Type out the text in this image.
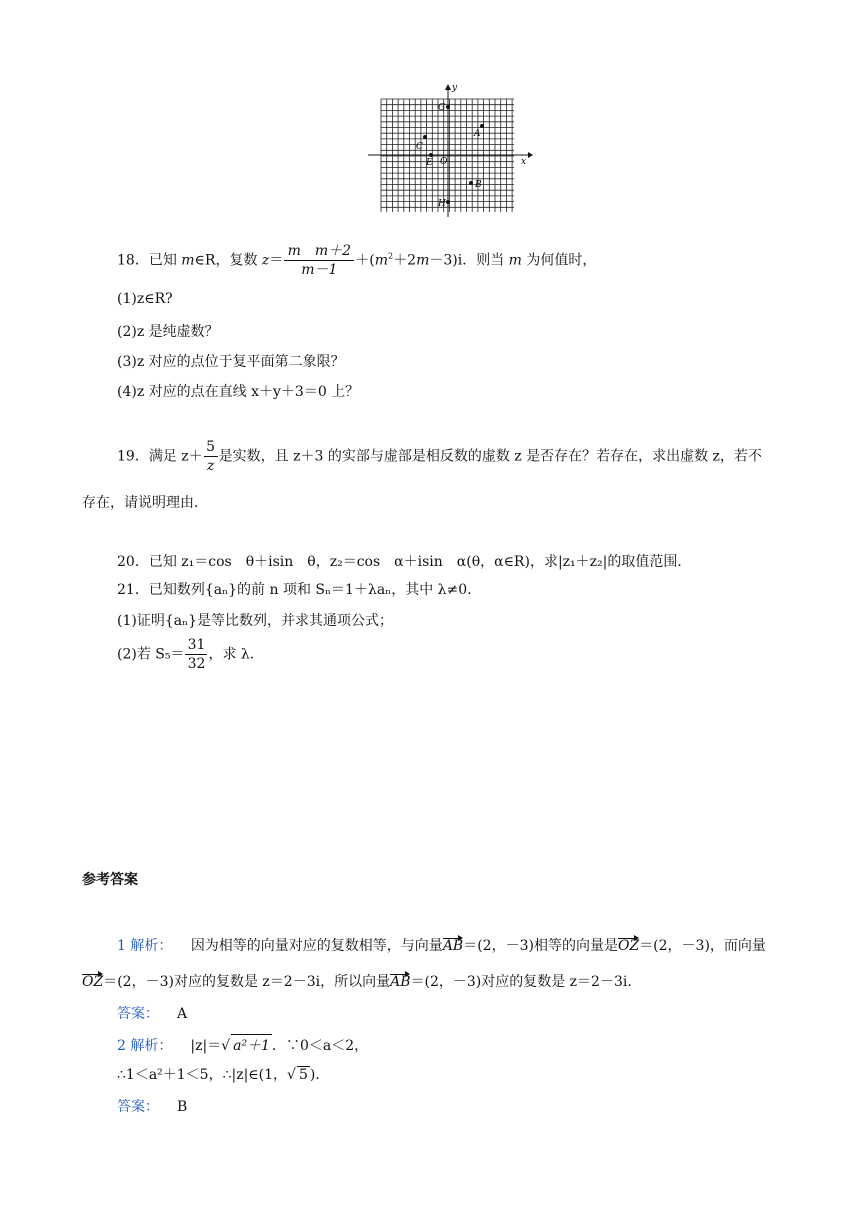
x
y
O
G
A
C
E
B
H
18．已知 m∈R，复数 $z= \frac{\text{m　m＋2}}{m-1} +(m^2+2m-3)i$．则当 m 为何值时，
(1)z∈R?
(2)z 是纯虚数？
(3)z 对应的点位于复平面第二象限？
(4)z 对应的点在直线 x＋y＋3＝0 上？
19．满足 $z+ \frac{5}{z}$ 是实数，且 z＋3 的实部与虚部是相反数的虚数 z 是否存在？若存在，求出虚数 z，若不
存在，请说明理由．
20．已知 z₁＝cos　θ＋isin　θ，z₂＝cos　α＋isin　α(θ，α∈R)，求|z₁＋z₂|的取值范围．
21．已知数列{aₙ}的前 n 项和 Sₙ＝1＋λaₙ，其中 λ≠0．
(1)证明{aₙ}是等比数列，并求其通项公式；
(2)若 $S_5= \frac{31}{32}$ ，求 λ．
参考答案
1 解析： 因为相等的向量对应的复数相等，与向量AB＝(2，－3)相等的向量是OZ＝(2，－3)，而向量
OZ＝(2，－3)对应的复数是 z＝2－3i，所以向量AB＝(2，－3)对应的复数是 z＝2－3i．
答案： A
2 解析： |z|＝√ a²＋1 ．∵0＜a＜2，
∴1＜a²＋1＜5，∴|z|∈(1，√ 5 )．
答案： B
